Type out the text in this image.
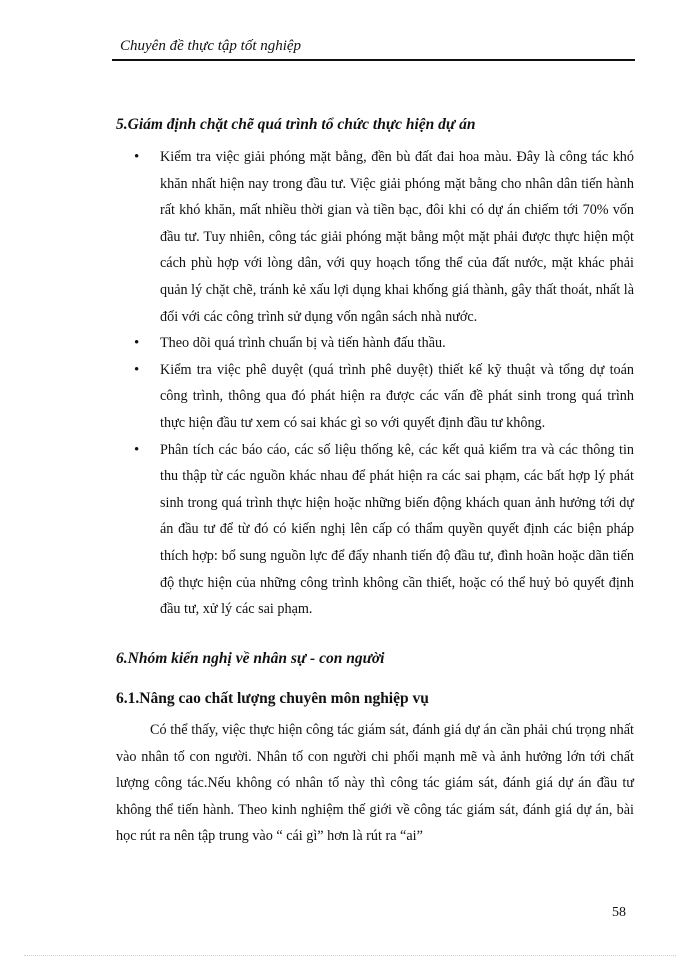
Chuyên đề thực tập tốt nghiệp
5.Giám định chặt chẽ quá trình tổ chức thực hiện dự án
• Kiểm tra việc giải phóng mặt bằng, đền bù đất đai hoa màu. Đây là công tác khó khăn nhất hiện nay trong đầu tư. Việc giải phóng mặt bằng cho nhân dân tiến hành rất khó khăn, mất nhiều thời gian và tiền bạc, đôi khi có dự án chiếm tới 70% vốn đầu tư. Tuy nhiên, công tác giải phóng mặt bằng một mặt phải được thực hiện một cách phù hợp với lòng dân, với quy hoạch tổng thể của đất nước, mặt khác phải quản lý chặt chẽ, tránh kẻ xấu lợi dụng khai khống giá thành, gây thất thoát, nhất là đối với các công trình sử dụng vốn ngân sách nhà nước.
• Theo dõi quá trình chuẩn bị và tiến hành đấu thầu.
• Kiểm tra việc phê duyệt (quá trình phê duyệt) thiết kế kỹ thuật và tổng dự toán công trình, thông qua đó phát hiện ra được các vấn đề phát sinh trong quá trình thực hiện đầu tư xem có sai khác gì so với quyết định đầu tư không.
• Phân tích các báo cáo, các số liệu thống kê, các kết quả kiểm tra và các thông tin thu thập từ các nguồn khác nhau để phát hiện ra các sai phạm, các bất hợp lý phát sinh trong quá trình thực hiện hoặc những biến động khách quan ảnh hưởng tới dự án đầu tư để từ đó có kiến nghị lên cấp có thẩm quyền quyết định các biện pháp thích hợp: bổ sung nguồn lực để đẩy nhanh tiến độ đầu tư, đình hoãn hoặc dãn tiến độ thực hiện của những công trình không cần thiết, hoặc có thể huỷ bỏ quyết định đầu tư, xử lý các sai phạm.
6.Nhóm kiến nghị về nhân sự - con người
6.1.Nâng cao chất lượng chuyên môn nghiệp vụ

Có thể thấy, việc thực hiện công tác giám sát, đánh giá dự án cần phải chú trọng nhất vào nhân tố con người. Nhân tố con người chi phối mạnh mẽ và ảnh hưởng lớn tới chất lượng công tác.Nếu không có nhân tố này thì công tác giám sát, đánh giá dự án đầu tư không thể tiến hành. Theo kinh nghiệm thế giới về công tác giám sát, đánh giá dự án, bài học rút ra nên tập trung vào “ cái gì” hơn là rút ra “ai”

58
